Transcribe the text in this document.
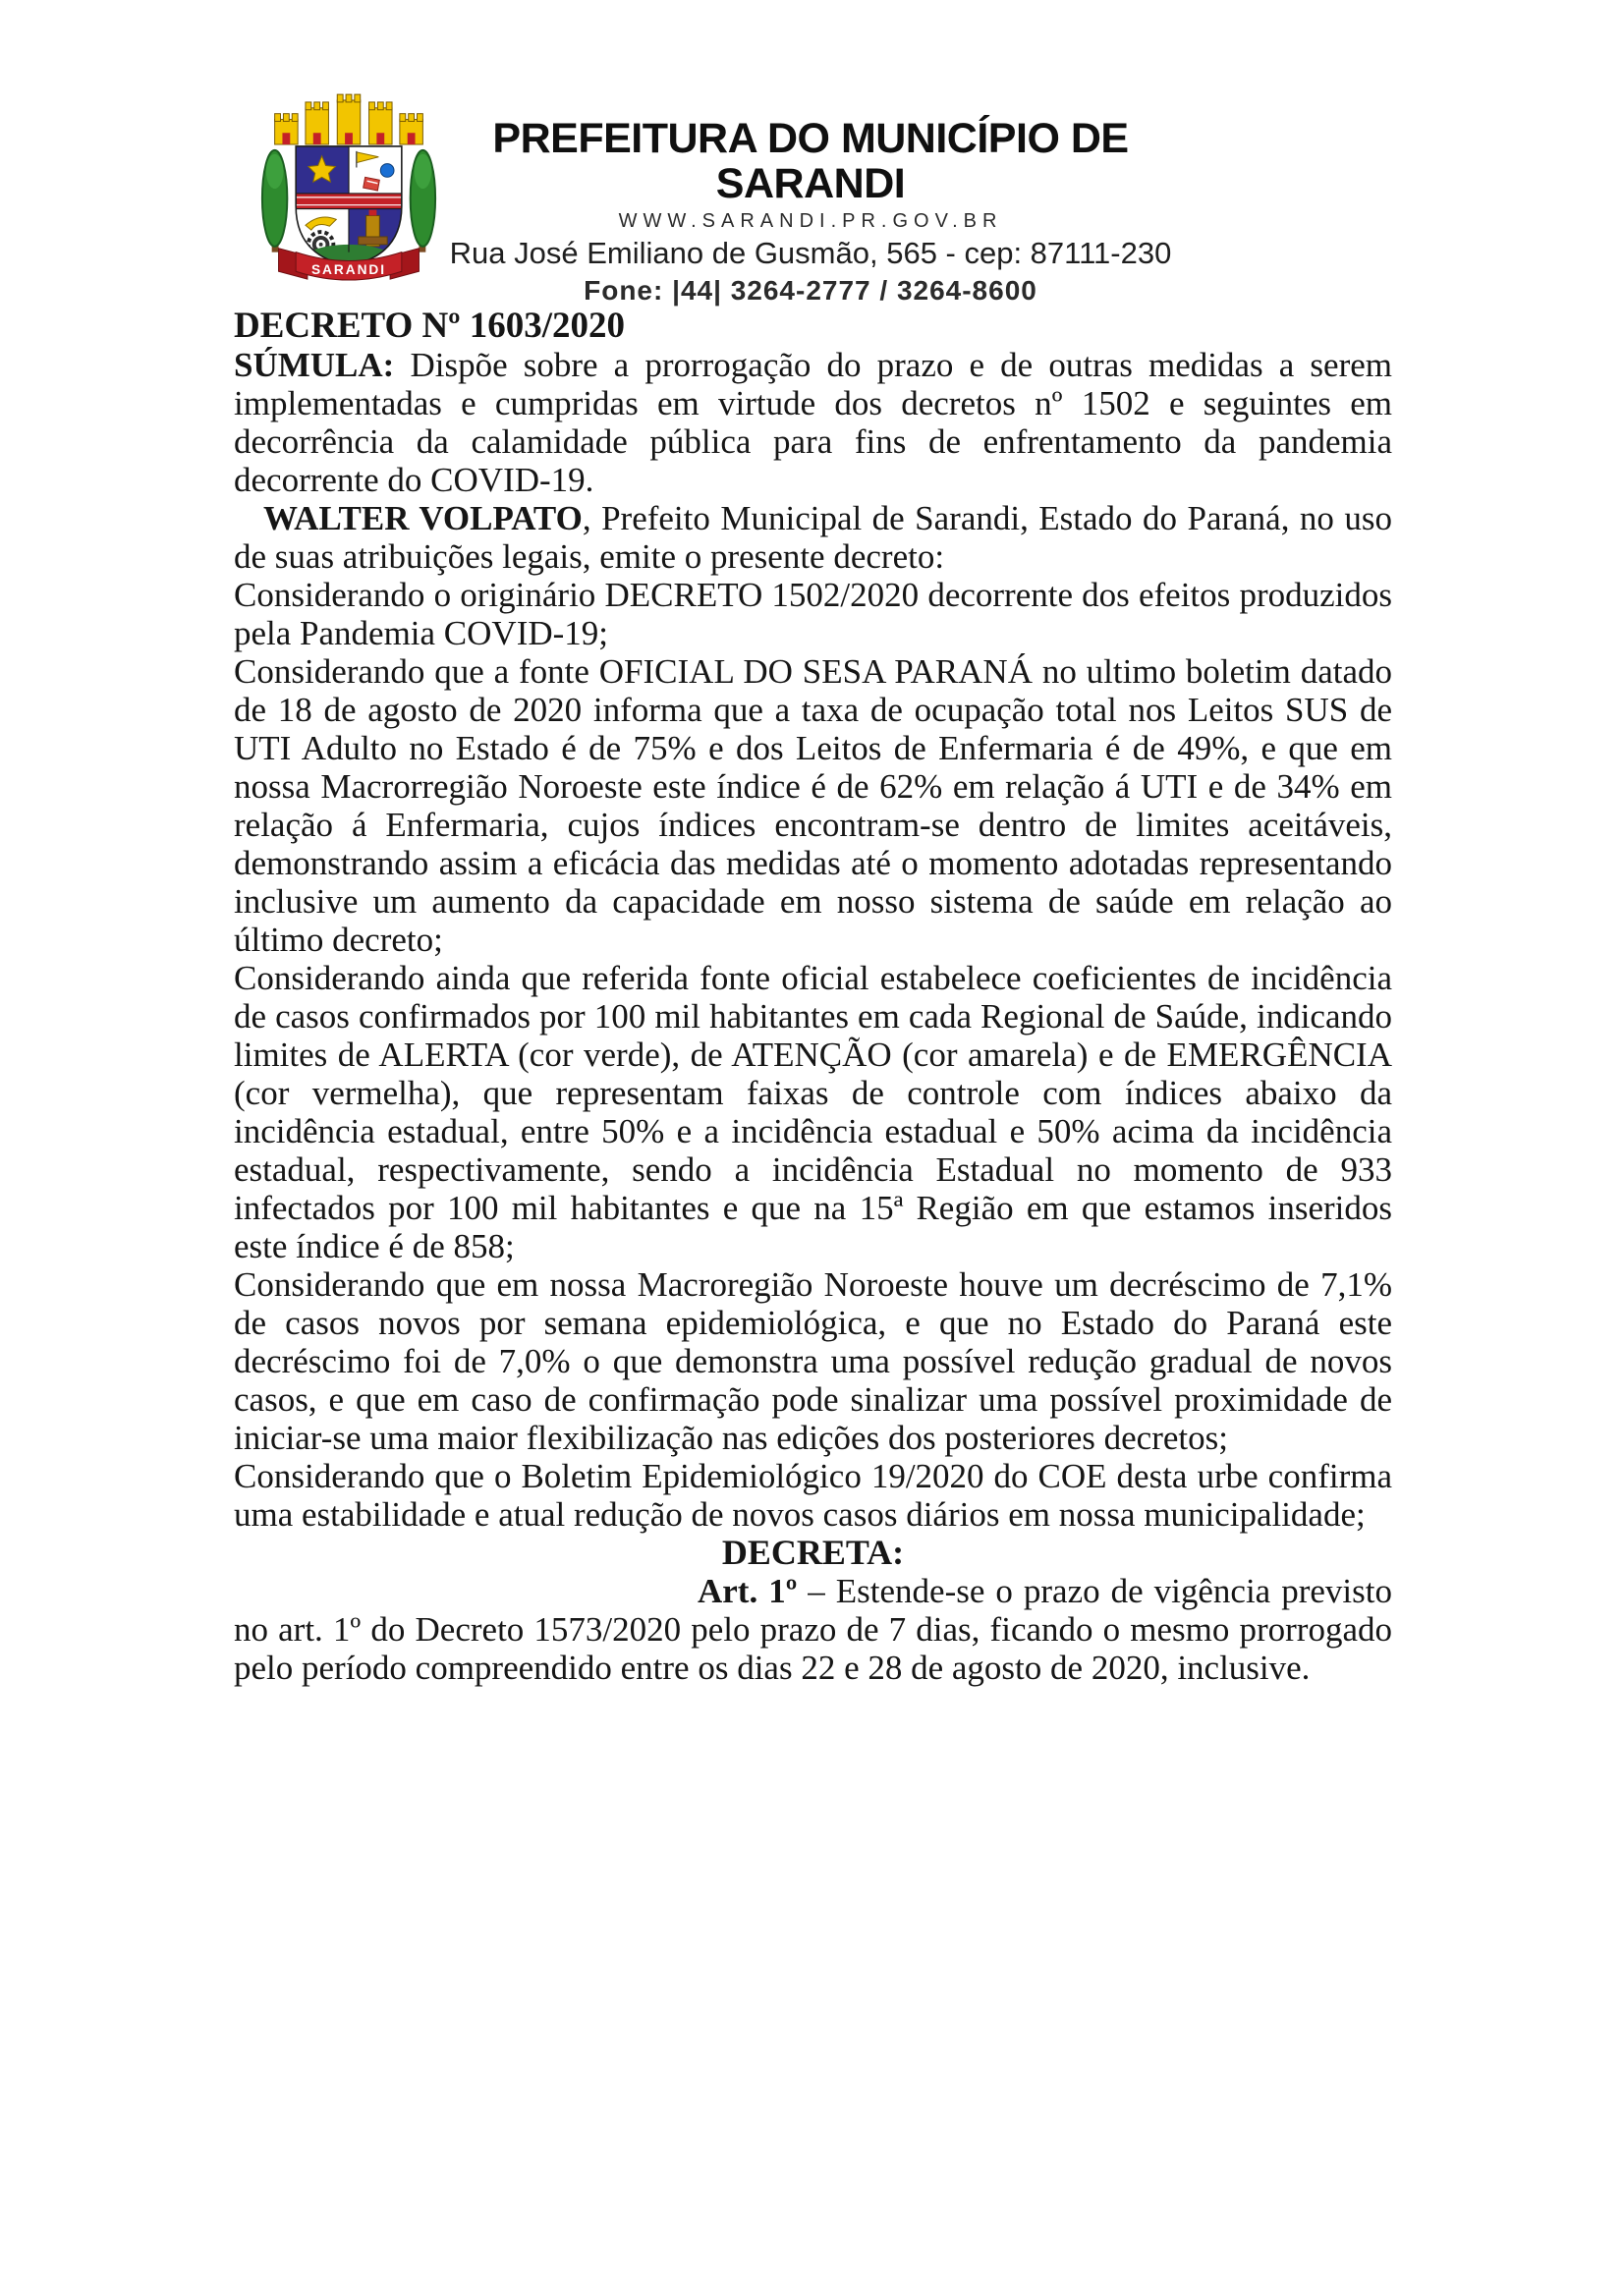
SARANDI
PREFEITURA DO MUNICÍPIO DE SARANDI
WWW.SARANDI.PR.GOV.BR
Rua José Emiliano de Gusmão, 565 - cep: 87111-230
Fone: |44| 3264-2777 / 3264-8600
DECRETO Nº 1603/2020

SÚMULA: Dispõe sobre a prorrogação do prazo e de outras medidas a serem implementadas e cumpridas em virtude dos decretos nº 1502 e seguintes em decorrência da calamidade pública para fins de enfrentamento da pandemia decorrente do COVID-19.

WALTER VOLPATO, Prefeito Municipal de Sarandi, Estado do Paraná, no uso de suas atribuições legais, emite o presente decreto:

Considerando o originário DECRETO 1502/2020 decorrente dos efeitos produzidos pela Pandemia COVID-19;

Considerando que a fonte OFICIAL DO SESA PARANÁ no ultimo boletim datado de 18 de agosto de 2020 informa que a taxa de ocupação total nos Leitos SUS de UTI Adulto no Estado é de 75% e dos Leitos de Enfermaria é de 49%, e que em nossa Macrorregião Noroeste este índice é de 62% em relação á UTI e de 34% em relação á Enfermaria, cujos índices encontram-se dentro de limites aceitáveis, demonstrando assim a eficácia das medidas até o momento adotadas representando inclusive um aumento da capacidade em nosso sistema de saúde em relação ao último decreto;

Considerando ainda que referida fonte oficial estabelece coeficientes de incidência de casos confirmados por 100 mil habitantes em cada Regional de Saúde, indicando limites de ALERTA (cor verde), de ATENÇÃO (cor amarela) e de EMERGÊNCIA (cor vermelha), que representam faixas de controle com índices abaixo da incidência estadual, entre 50% e a incidência estadual e 50% acima da incidência estadual, respectivamente, sendo a incidência Estadual no momento de 933 infectados por 100 mil habitantes e que na 15ª Região em que estamos inseridos este índice é de 858;

Considerando que em nossa Macroregião Noroeste houve um decréscimo de 7,1% de casos novos por semana epidemiológica, e que no Estado do Paraná este decréscimo foi de 7,0% o que demonstra uma possível redução gradual de novos casos, e que em caso de confirmação pode sinalizar uma possível proximidade de iniciar-se uma maior flexibilização nas edições dos posteriores decretos;

Considerando que o Boletim Epidemiológico 19/2020 do COE desta urbe confirma uma estabilidade e atual redução de novos casos diários em nossa municipalidade;

DECRETA:

Art. 1º – Estende-se o prazo de vigência previsto no art. 1º do Decreto 1573/2020 pelo prazo de 7 dias, ficando o mesmo prorrogado pelo período compreendido entre os dias 22 e 28 de agosto de 2020, inclusive.
